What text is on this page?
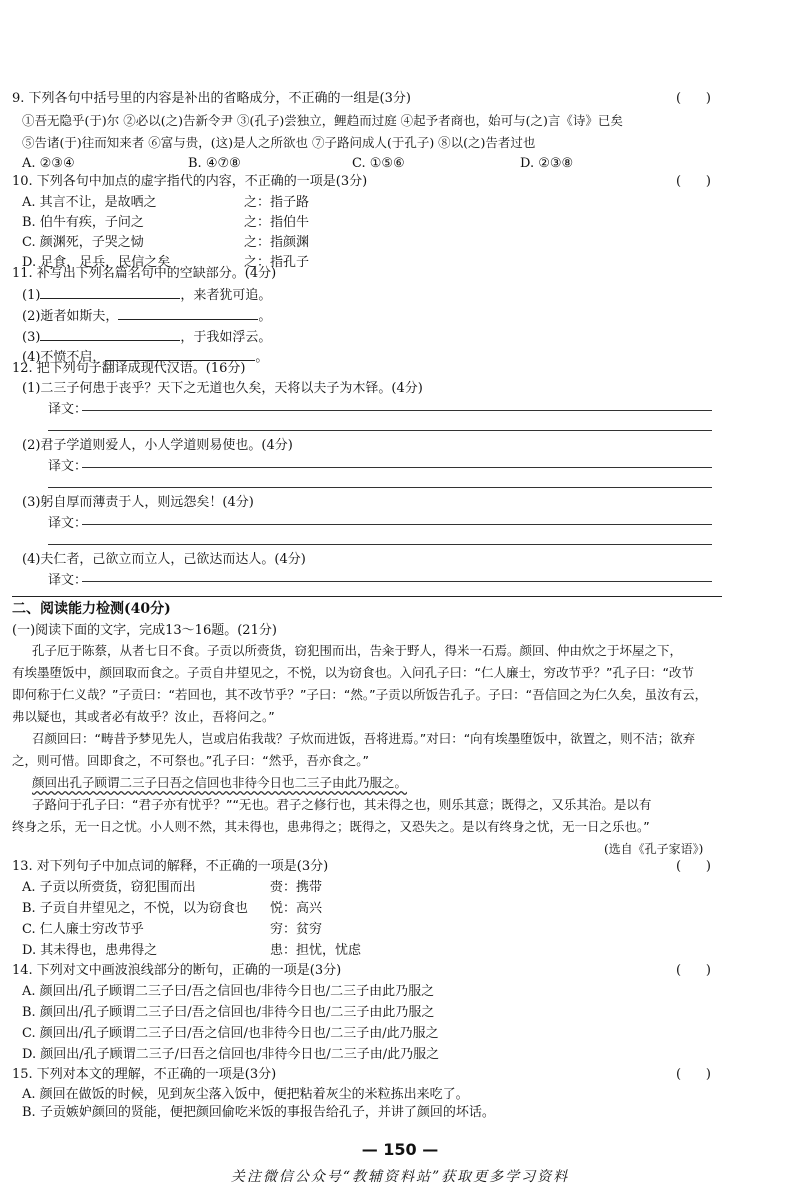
9. 下列各句中括号里的内容是补出的省略成分，不正确的一组是(3分)	(      )
①吾无隐乎(于)尔 ②必以(之)告新令尹 ③(孔子)尝独立，鲤趋而过庭 ④起予者商也，始可与(之)言《诗》已矣
⑤告诸(于)往而知来者 ⑥富与贵，(这)是人之所欲也 ⑦子路问成人(于孔子) ⑧以(之)告者过也
A. ②③④	B. ④⑦⑧	C. ①⑤⑥	D. ②③⑧
10. 下列各句中加点的虚字指代的内容，不正确的一项是(3分)	(      )
A. 其言不让，是故哂之	之：指子路
B. 伯牛有疾，子问之	之：指伯牛
C. 颜渊死，子哭之恸	之：指颜渊
D. 足食，足兵，民信之矣	之：指孔子
11. 补写出下列名篇名句中的空缺部分。(4分)
(1)	，来者犹可追。
(2)逝者如斯夫，	。
(3)	，于我如浮云。
(4)不愤不启，	。
12. 把下列句子翻译成现代汉语。(16分)
(1)二三子何患于丧乎？天下之无道也久矣，天将以夫子为木铎。(4分)
译文：
(2)君子学道则爱人，小人学道则易使也。(4分)
译文：
(3)躬自厚而薄责于人，则远怨矣！(4分)
译文：
(4)夫仁者，己欲立而立人，己欲达而达人。(4分)
译文：
二、阅读能力检测(40分)
(一)阅读下面的文字，完成13～16题。(21分)
孔子厄于陈蔡，从者七日不食。子贡以所赍货，窃犯围而出，告籴于野人，得米一石焉。颜回、仲由炊之于坏屋之下，
有埃墨堕饭中，颜回取而食之。子贡自井望见之，不悦，以为窃食也。入问孔子曰：“仁人廉士，穷改节乎？”孔子曰：“改节
即何称于仁义哉？”子贡曰：“若回也，其不改节乎？”子曰：“然。”子贡以所饭告孔子。子曰：“吾信回之为仁久矣，虽汝有云，
弗以疑也，其或者必有故乎？汝止，吾将问之。”
召颜回曰：“畴昔予梦见先人，岂或启佑我哉？子炊而进饭，吾将进焉。”对曰：“向有埃墨堕饭中，欲置之，则不洁；欲弃
之，则可惜。回即食之，不可祭也。”孔子曰：“然乎，吾亦食之。”
颜回出孔子顾谓二三子曰吾之信回也非待今日也二三子由此乃服之。
子路问于孔子曰：“君子亦有忧乎？”“无也。君子之修行也，其未得之也，则乐其意；既得之，又乐其治。是以有
终身之乐，无一日之忧。小人则不然，其未得也，患弗得之；既得之，又恐失之。是以有终身之忧，无一日之乐也。”
(选自《孔子家语》)
13. 对下列句子中加点词的解释，不正确的一项是(3分)	(      )
A. 子贡以所赍货，窃犯围而出	赍：携带
B. 子贡自井望见之，不悦，以为窃食也 悦：高兴
C. 仁人廉士穷改节乎	穷：贫穷
D. 其未得也，患弗得之	患：担忧，忧虑
14. 下列对文中画波浪线部分的断句，正确的一项是(3分)	(      )
A. 颜回出/孔子顾谓二三子曰/吾之信回也/非待今日也/二三子由此乃服之
B. 颜回出/孔子顾谓二三子曰/吾之信回也/非待今日也/二三子由此乃服之
C. 颜回出/孔子顾谓二三子曰/吾之信回/也非待今日也/二三子由/此乃服之
D. 颜回出/孔子顾谓二三子/曰吾之信回也/非待今日也/二三子由/此乃服之
15. 下列对本文的理解，不正确的一项是(3分)	(      )
A. 颜回在做饭的时候，见到灰尘落入饭中，便把粘着灰尘的米粒拣出来吃了。
B. 子贡嫉妒颜回的贤能，便把颜回偷吃米饭的事报告给孔子，并讲了颜回的坏话。
— 150 —
关注微信公众号“教辅资料站”获取更多学习资料
